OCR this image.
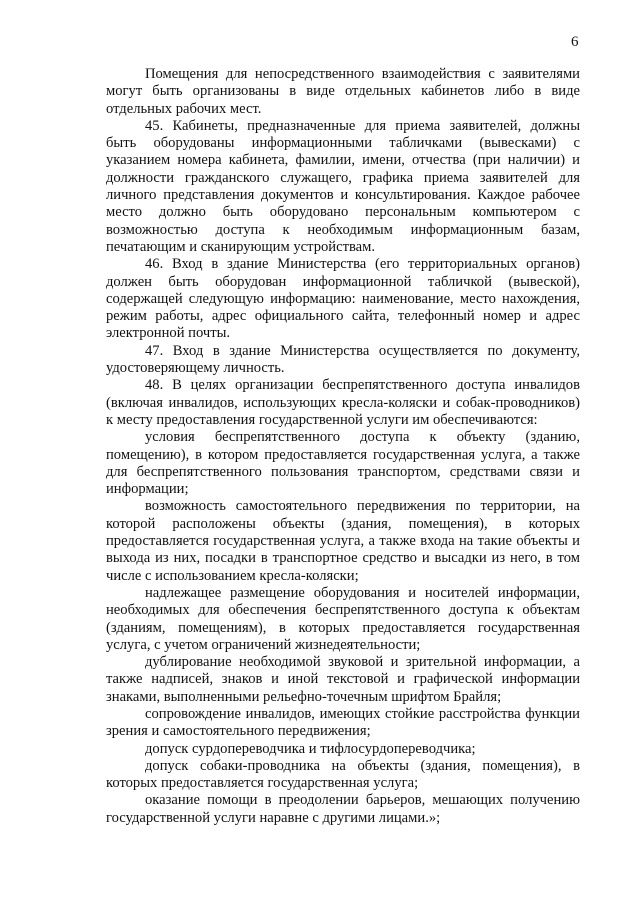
6

Помещения для непосредственного взаимодействия с заявителями могут быть организованы в виде отдельных кабинетов либо в виде отдельных рабочих мест.

45. Кабинеты, предназначенные для приема заявителей, должны быть оборудованы информационными табличками (вывесками) с указанием номера кабинета, фамилии, имени, отчества (при наличии) и должности гражданского служащего, графика приема заявителей для личного представления документов и консультирования. Каждое рабочее место должно быть оборудовано персональным компьютером с возможностью доступа к необходимым информационным базам, печатающим и сканирующим устройствам.

46. Вход в здание Министерства (его территориальных органов) должен быть оборудован информационной табличкой (вывеской), содержащей следующую информацию: наименование, место нахождения, режим работы, адрес официального сайта, телефонный номер и адрес электронной почты.

47. Вход в здание Министерства осуществляется по документу, удостоверяющему личность.

48. В целях организации беспрепятственного доступа инвалидов (включая инвалидов, использующих кресла-коляски и собак-проводников) к месту предоставления государственной услуги им обеспечиваются:

условия беспрепятственного доступа к объекту (зданию, помещению), в котором предоставляется государственная услуга, а также для беспрепятственного пользования транспортом, средствами связи и информации;

возможность самостоятельного передвижения по территории, на которой расположены объекты (здания, помещения), в которых предоставляется государственная услуга, а также входа на такие объекты и выхода из них, посадки в транспортное средство и высадки из него, в том числе с использованием кресла-коляски;

надлежащее размещение оборудования и носителей информации, необходимых для обеспечения беспрепятственного доступа к объектам (зданиям, помещениям), в которых предоставляется государственная услуга, с учетом ограничений жизнедеятельности;

дублирование необходимой звуковой и зрительной информации, а также надписей, знаков и иной текстовой и графической информации знаками, выполненными рельефно-точечным шрифтом Брайля;

сопровождение инвалидов, имеющих стойкие расстройства функции зрения и самостоятельного передвижения;

допуск сурдопереводчика и тифлосурдопереводчика;

допуск собаки-проводника на объекты (здания, помещения), в которых предоставляется государственная услуга;

оказание помощи в преодолении барьеров, мешающих получению государственной услуги наравне с другими лицами.»;
